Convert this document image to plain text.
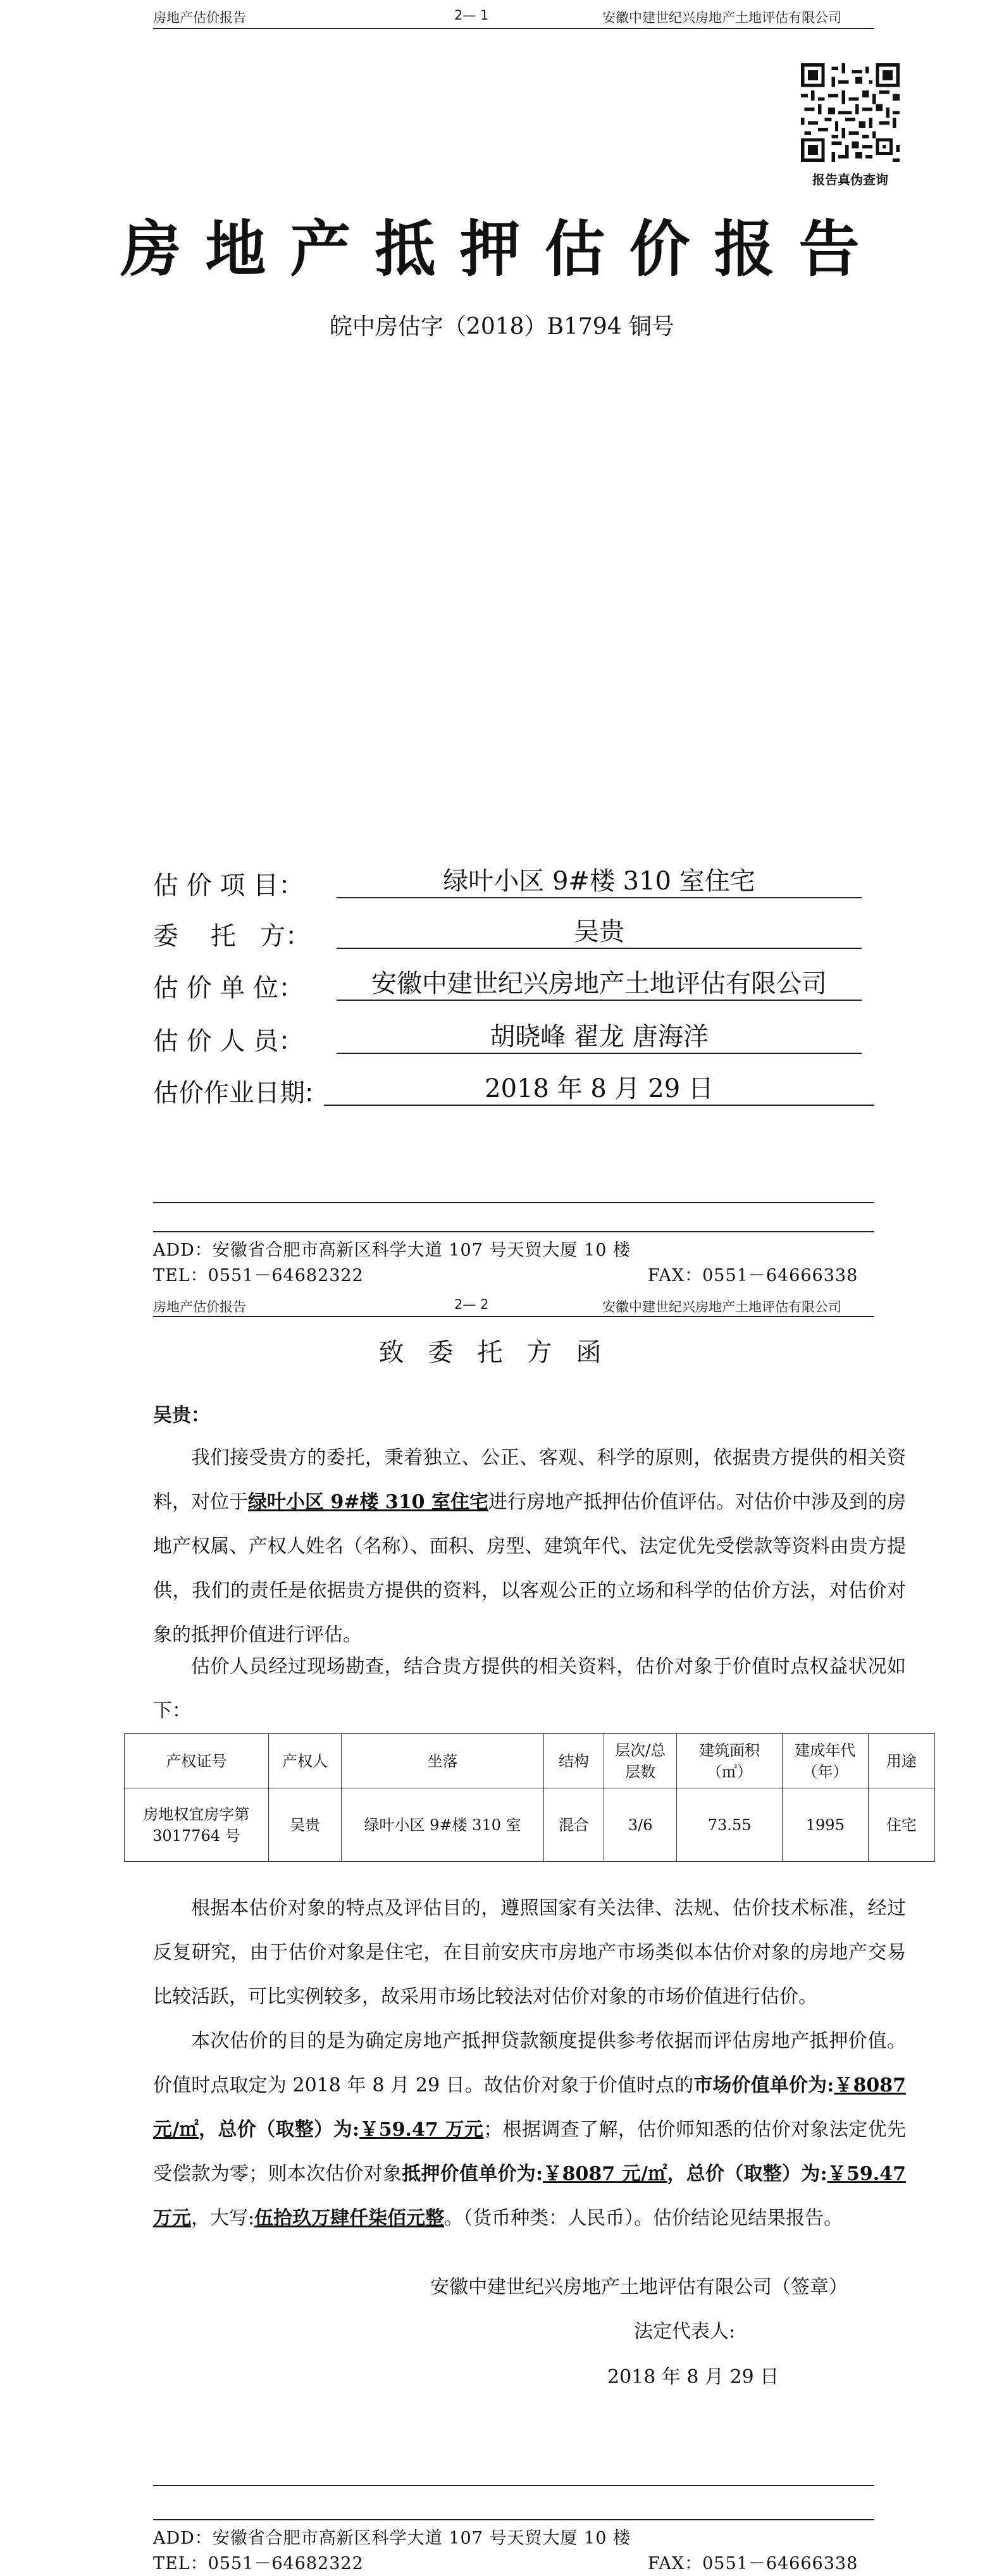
房地产估价报告	2— 1	安徽中建世纪兴房地产土地评估有限公司
报告真伪查询
房地产抵押估价报告
皖中房估字（2018）B1794 铜号
估 价 项 目：	绿叶小区 9#楼 310 室住宅
委    托   方：	吴贵
估 价 单 位：	安徽中建世纪兴房地产土地评估有限公司
估 价 人 员：	胡晓峰 翟龙 唐海洋
估价作业日期:	2018 年 8 月 29 日
ADD：安徽省合肥市高新区科学大道 107 号天贸大厦 10 楼
TEL：0551－64682322	FAX：0551－64666338
房地产估价报告	2— 2	安徽中建世纪兴房地产土地评估有限公司
致委托方函
吴贵：

我们接受贵方的委托，秉着独立、公正、客观、科学的原则，依据贵方提供的相关资料，对位于绿叶小区 9#楼 310 室住宅进行房地产抵押估价值评估。对估价中涉及到的房地产权属、产权人姓名（名称）、面积、房型、建筑年代、法定优先受偿款等资料由贵方提供，我们的责任是依据贵方提供的资料，以客观公正的立场和科学的估价方法，对估价对象的抵押价值进行评估。

估价人员经过现场勘查，结合贵方提供的相关资料，估价对象于价值时点权益状况如下：

产权证号	产权人	坐落	结构	层次/总层数	建筑面积（㎡）	建成年代（年）	用途
房地权宜房字第 3017764 号	吴贵	绿叶小区 9#楼 310 室	混合	3/6	73.55	1995	住宅

根据本估价对象的特点及评估目的，遵照国家有关法律、法规、估价技术标准，经过反复研究，由于估价对象是住宅，在目前安庆市房地产市场类似本估价对象的房地产交易比较活跃，可比实例较多，故采用市场比较法对估价对象的市场价值进行估价。

本次估价的目的是为确定房地产抵押贷款额度提供参考依据而评估房地产抵押价值。价值时点取定为 2018 年 8 月 29 日。故估价对象于价值时点的市场价值单价为:￥8087 元/㎡，总价（取整）为:￥59.47 万元；根据调查了解，估价师知悉的估价对象法定优先受偿款为零；则本次估价对象抵押价值单价为:￥8087 元/㎡，总价（取整）为:￥59.47 万元，大写:伍拾玖万肆仟柒佰元整。（货币种类：人民币）。估价结论见结果报告。

安徽中建世纪兴房地产土地评估有限公司（签章）
法定代表人:
2018 年 8 月 29 日
ADD：安徽省合肥市高新区科学大道 107 号天贸大厦 10 楼
TEL：0551－64682322	FAX：0551－64666338
